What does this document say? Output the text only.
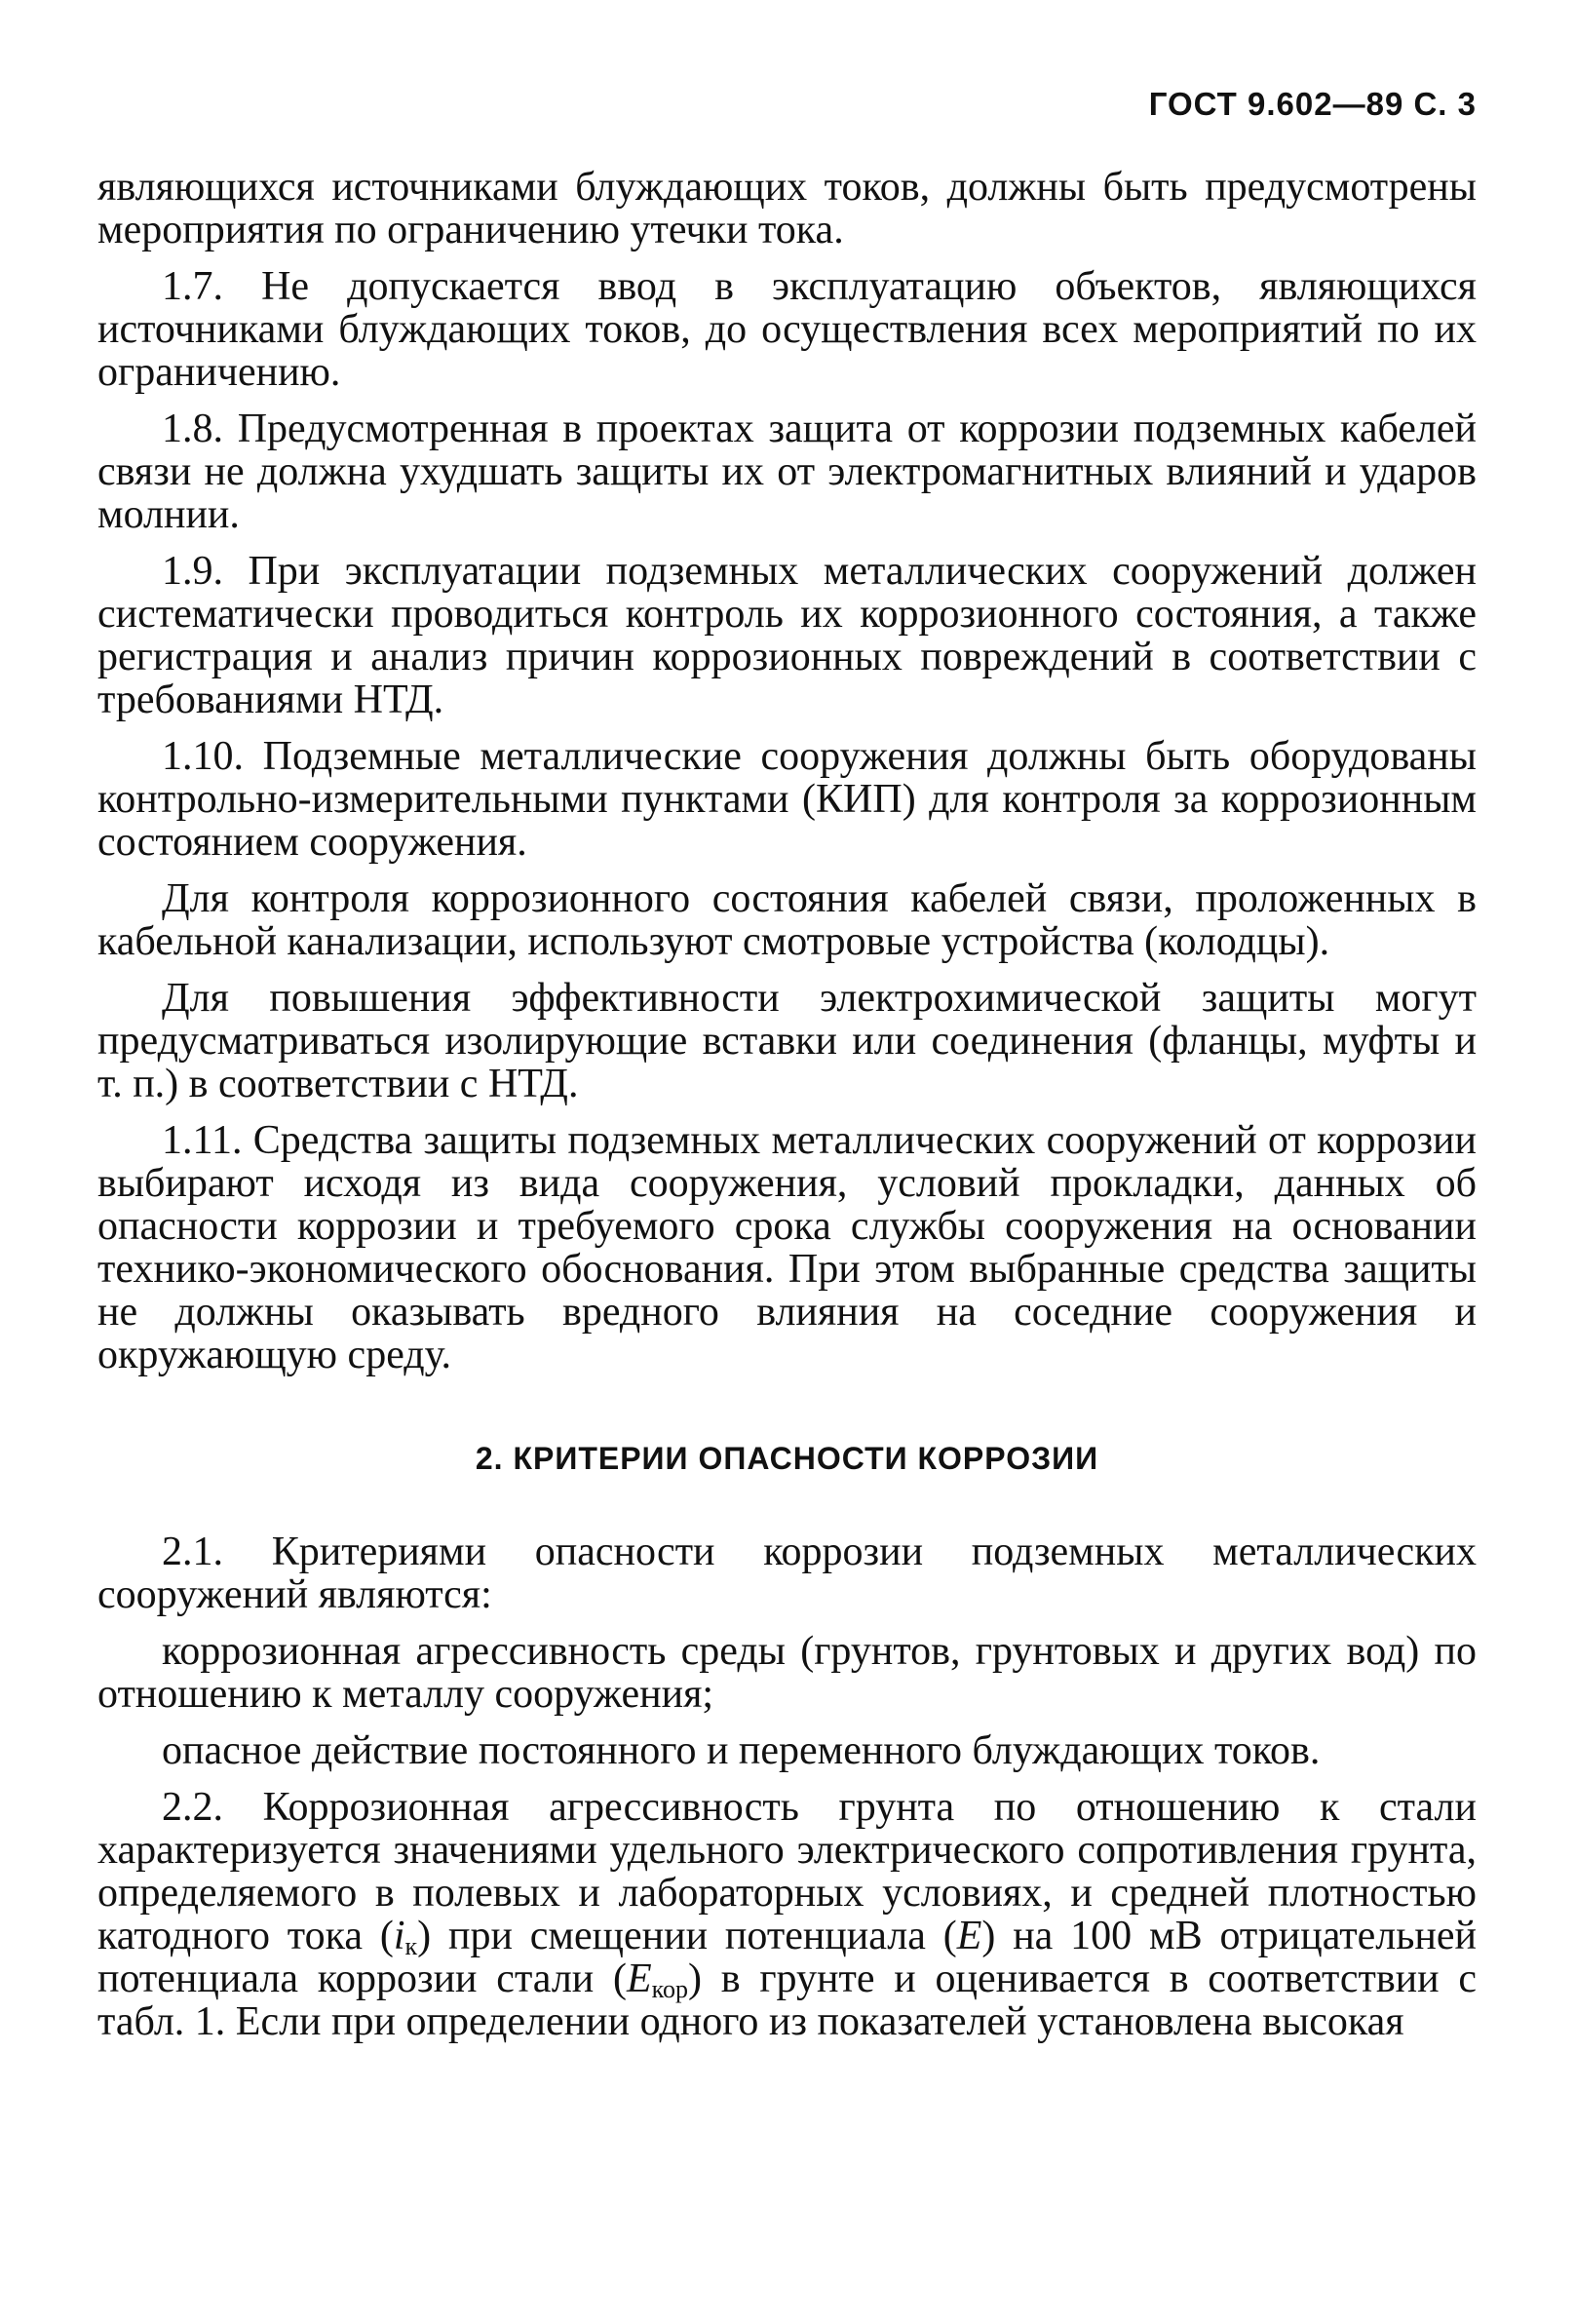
ГОСТ 9.602—89 С. 3

являющихся источниками блуждающих токов, должны быть предусмотрены мероприятия по ограничению утечки тока.

1.7. Не допускается ввод в эксплуатацию объектов, являющихся источниками блуждающих токов, до осуществления всех мероприятий по их ограничению.

1.8. Предусмотренная в проектах защита от коррозии подземных кабелей связи не должна ухудшать защиты их от электромагнитных влияний и ударов молнии.

1.9. При эксплуатации подземных металлических сооружений должен систематически проводиться контроль их коррозионного состояния, а также регистрация и анализ причин коррозионных повреждений в соответствии с требованиями НТД.

1.10. Подземные металлические сооружения должны быть оборудованы контрольно-измерительными пунктами (КИП) для контроля за коррозионным состоянием сооружения.

Для контроля коррозионного состояния кабелей связи, проложенных в кабельной канализации, используют смотровые устройства (колодцы).

Для повышения эффективности электрохимической защиты могут предусматриваться изолирующие вставки или соединения (фланцы, муфты и т. п.) в соответствии с НТД.

1.11. Средства защиты подземных металлических сооружений от коррозии выбирают исходя из вида сооружения, условий прокладки, данных об опасности коррозии и требуемого срока службы сооружения на основании технико-экономического обоснования. При этом выбранные средства защиты не должны оказывать вредного влияния на соседние сооружения и окружающую среду.

2. КРИТЕРИИ ОПАСНОСТИ КОРРОЗИИ

2.1. Критериями опасности коррозии подземных металлических сооружений являются:

коррозионная агрессивность среды (грунтов, грунтовых и других вод) по отношению к металлу сооружения;

опасное действие постоянного и переменного блуждающих токов.

2.2. Коррозионная агрессивность грунта по отношению к стали характеризуется значениями удельного электрического сопротивления грунта, определяемого в полевых и лабораторных условиях, и средней плотностью катодного тока $(i_к)$ при смещении потенциала (E) на 100 мВ отрицательней потенциала коррозии стали $(E_{кор})$ в грунте и оценивается в соответствии с табл. 1. Если при определении одного из показателей установлена высокая
